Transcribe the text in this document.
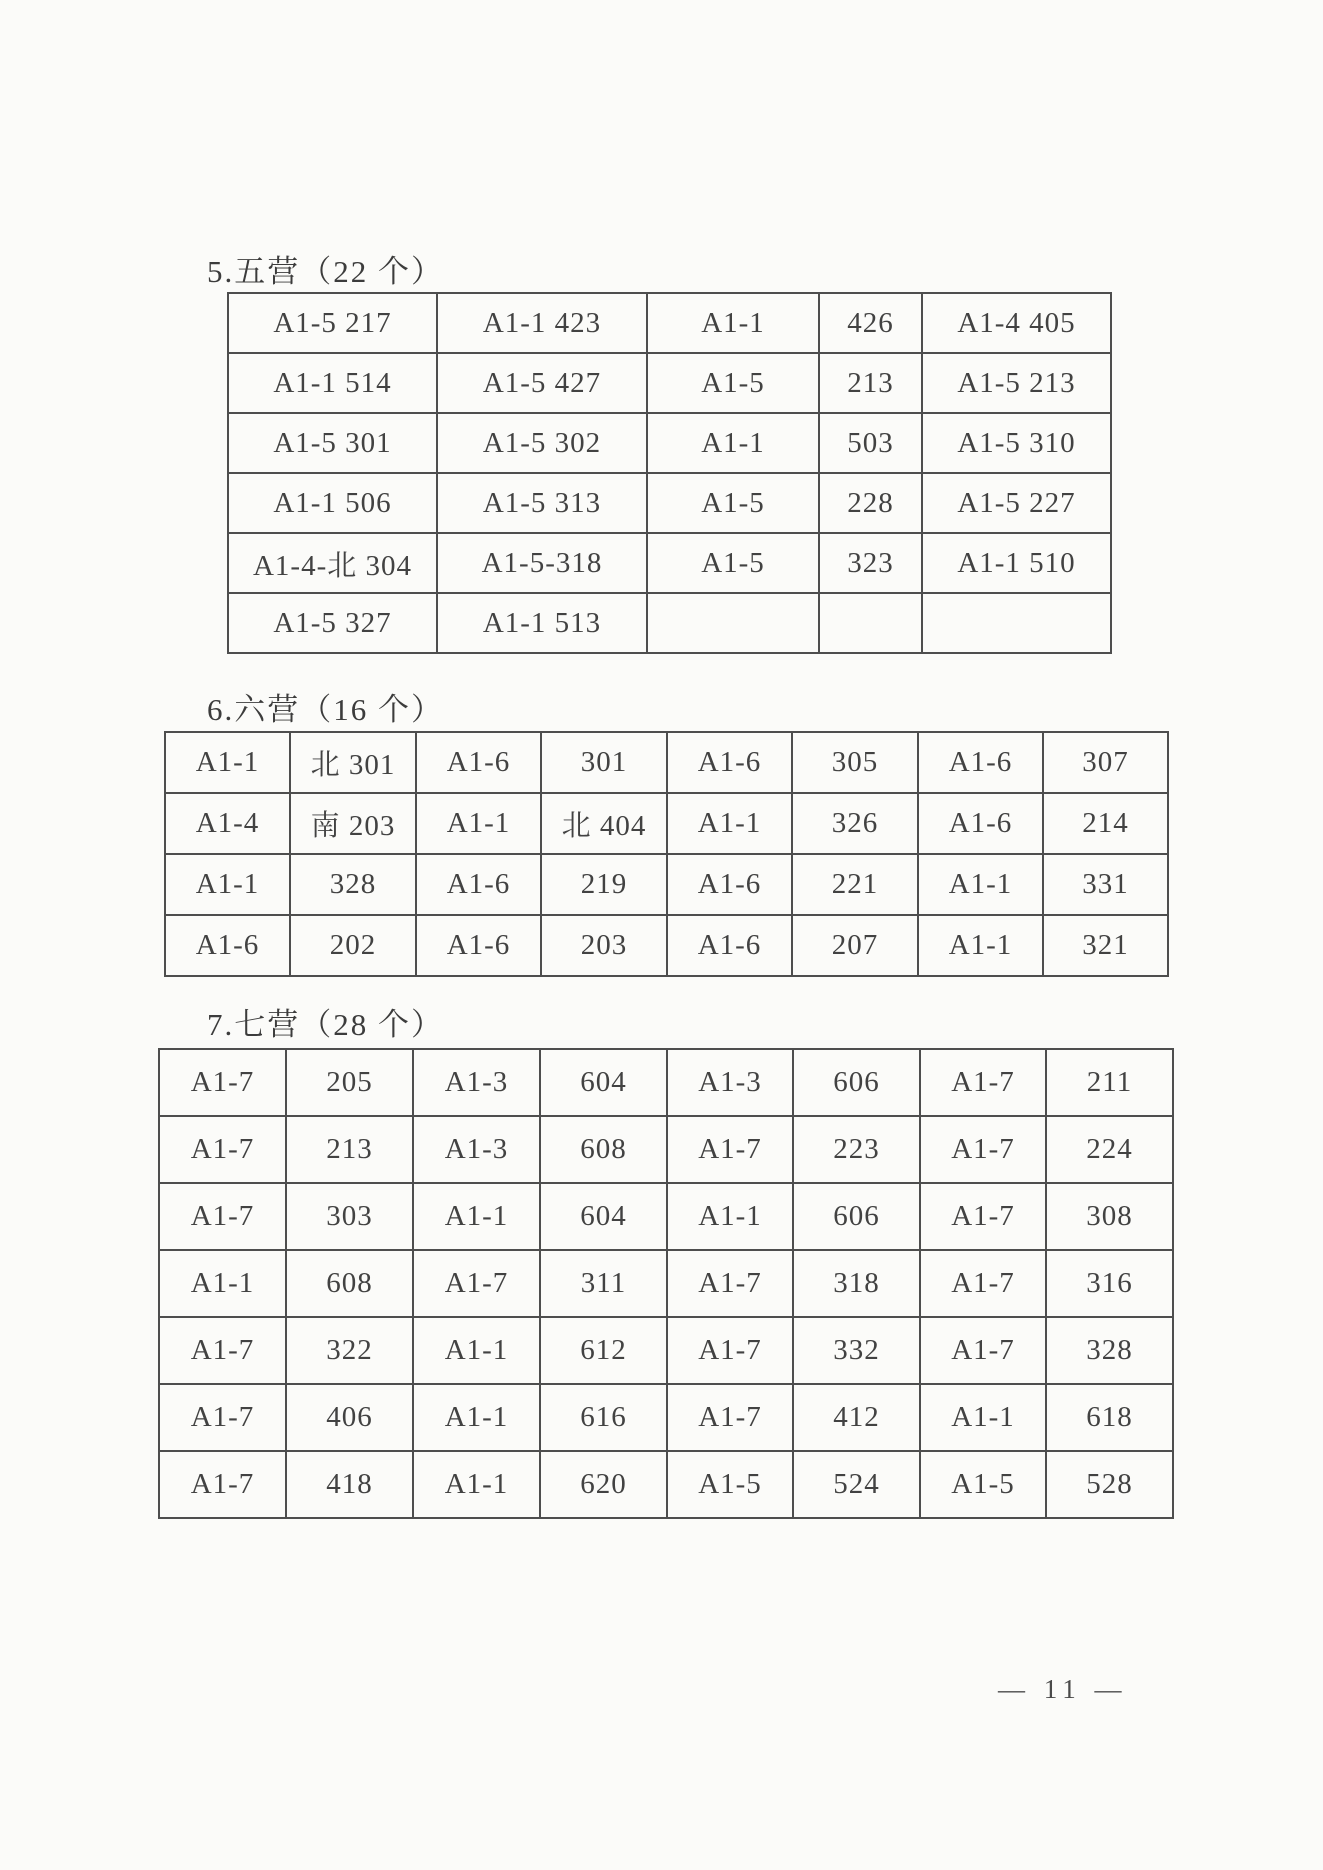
5.五营（22 个）
A1-5 217	A1-1 423	A1-1	426	A1-4 405
A1-1 514	A1-5 427	A1-5	213	A1-5 213
A1-5 301	A1-5 302	A1-1	503	A1-5 310
A1-1 506	A1-5 313	A1-5	228	A1-5 227
A1-4-北 304	A1-5-318	A1-5	323	A1-1 510
A1-5 327	A1-1 513			
6.六营（16 个）
A1-1	北 301	A1-6	301	A1-6	305	A1-6	307
A1-4	南 203	A1-1	北 404	A1-1	326	A1-6	214
A1-1	328	A1-6	219	A1-6	221	A1-1	331
A1-6	202	A1-6	203	A1-6	207	A1-1	321
7.七营（28 个）
A1-7	205	A1-3	604	A1-3	606	A1-7	211
A1-7	213	A1-3	608	A1-7	223	A1-7	224
A1-7	303	A1-1	604	A1-1	606	A1-7	308
A1-1	608	A1-7	311	A1-7	318	A1-7	316
A1-7	322	A1-1	612	A1-7	332	A1-7	328
A1-7	406	A1-1	616	A1-7	412	A1-1	618
A1-7	418	A1-1	620	A1-5	524	A1-5	528
— 11 —
